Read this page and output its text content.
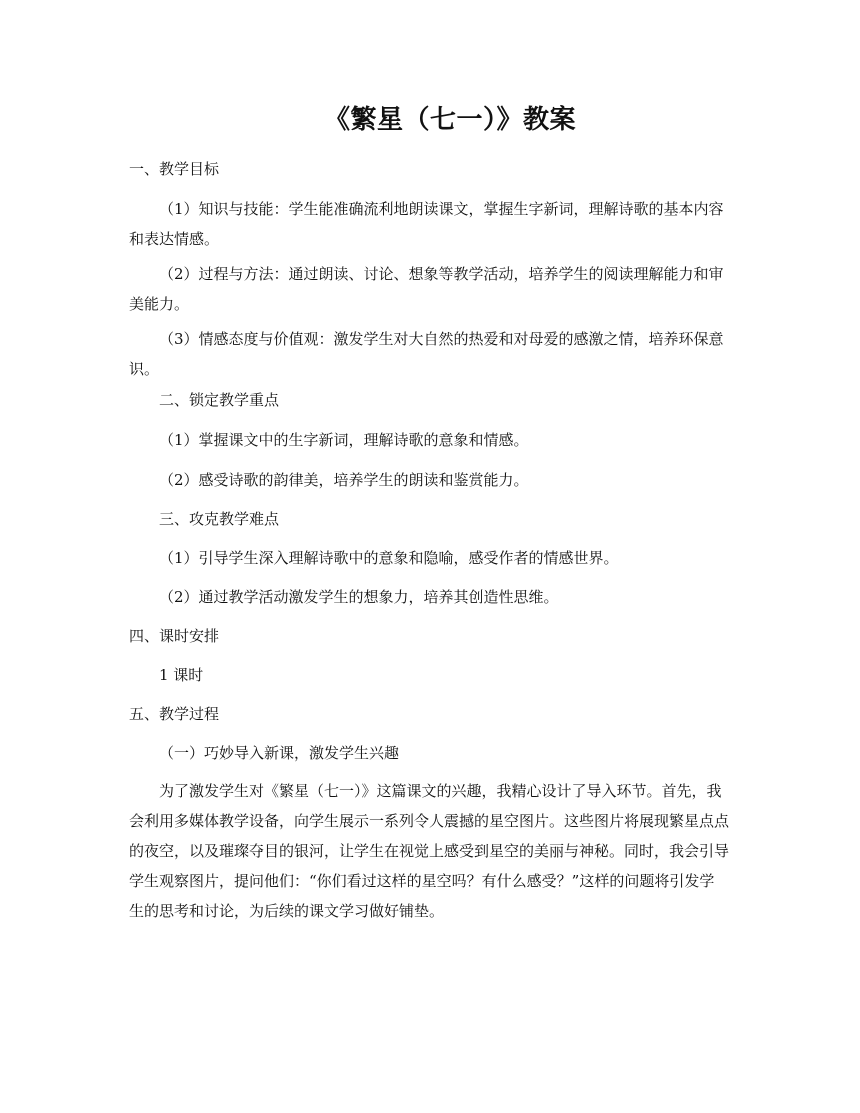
《繁星（七一）》教案
一、教学目标
（1）知识与技能：学生能准确流利地朗读课文，掌握生字新词，理解诗歌的基本内容和表达情感。
（2）过程与方法：通过朗读、讨论、想象等教学活动，培养学生的阅读理解能力和审美能力。
（3）情感态度与价值观：激发学生对大自然的热爱和对母爱的感激之情，培养环保意识。
二、锁定教学重点
（1）掌握课文中的生字新词，理解诗歌的意象和情感。
（2）感受诗歌的韵律美，培养学生的朗读和鉴赏能力。
三、攻克教学难点
（1）引导学生深入理解诗歌中的意象和隐喻，感受作者的情感世界。
（2）通过教学活动激发学生的想象力，培养其创造性思维。
四、课时安排
1 课时
五、教学过程
（一）巧妙导入新课，激发学生兴趣
为了激发学生对《繁星（七一）》这篇课文的兴趣，我精心设计了导入环节。首先，我会利用多媒体教学设备，向学生展示一系列令人震撼的星空图片。这些图片将展现繁星点点的夜空，以及璀璨夺目的银河，让学生在视觉上感受到星空的美丽与神秘。同时，我会引导学生观察图片，提问他们：“你们看过这样的星空吗？有什么感受？”这样的问题将引发学生的思考和讨论，为后续的课文学习做好铺垫。
